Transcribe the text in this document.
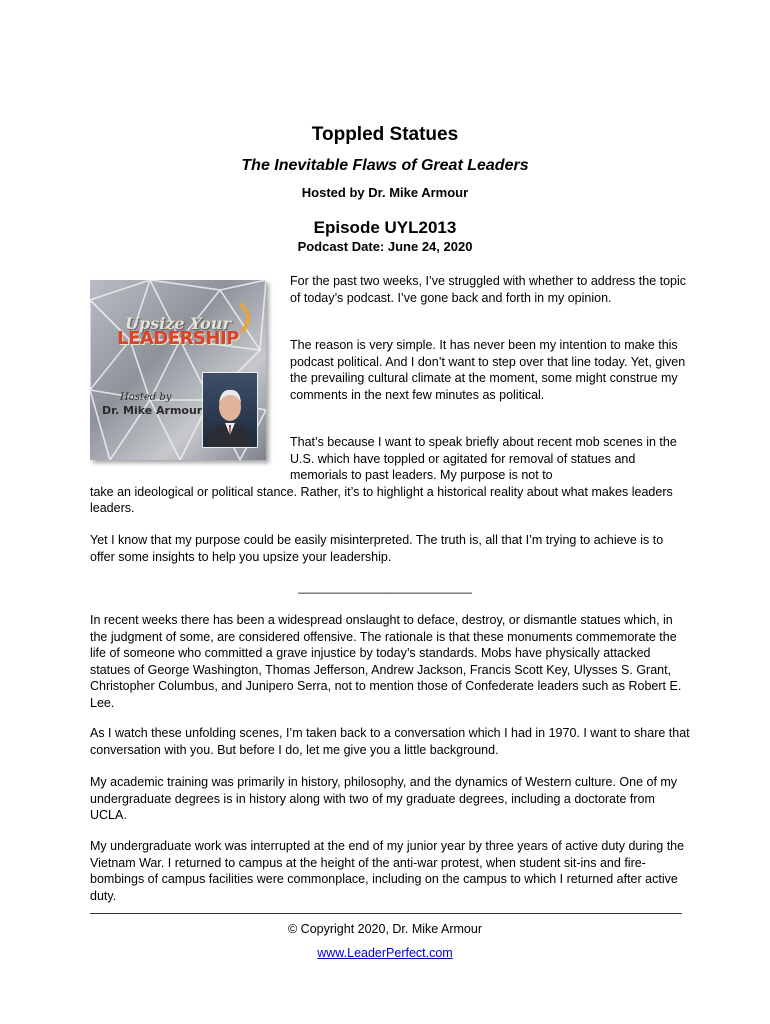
Toppled Statues
The Inevitable Flaws of Great Leaders
Hosted by Dr. Mike Armour
Episode UYL2013
Podcast Date: June 24, 2020
Upsize Your
LEADERSHIP
Hosted by
Dr. Mike Armour
For the past two weeks, I’ve struggled with whether to address the topic of today’s podcast. I’ve gone back and forth in my opinion.
The reason is very simple. It has never been my intention to make this podcast political. And I don’t want to step over that line today. Yet, given the prevailing cultural climate at the moment, some might construe my comments in the next few minutes as political.
That’s because I want to speak briefly about recent mob scenes in the U.S. which have toppled or agitated for removal of statues and memorials to past leaders. My purpose is not to
take an ideological or political stance. Rather, it’s to highlight a historical reality about what makes leaders leaders.
Yet I know that my purpose could be easily misinterpreted. The truth is, all that I’m trying to achieve is to offer some insights to help you upsize your leadership.
__________________________
In recent weeks there has been a widespread onslaught to deface, destroy, or dismantle statues which, in the judgment of some, are considered offensive. The rationale is that these monuments commemorate the life of someone who committed a grave injustice by today’s standards. Mobs have physically attacked statues of George Washington, Thomas Jefferson, Andrew Jackson, Francis Scott Key, Ulysses S. Grant, Christopher Columbus, and Junipero Serra, not to mention those of Confederate leaders such as Robert E. Lee.
As I watch these unfolding scenes, I’m taken back to a conversation which I had in 1970. I want to share that conversation with you. But before I do, let me give you a little background.
My academic training was primarily in history, philosophy, and the dynamics of Western culture. One of my undergraduate degrees is in history along with two of my graduate degrees, including a doctorate from UCLA.
My undergraduate work was interrupted at the end of my junior year by three years of active duty during the Vietnam War. I returned to campus at the height of the anti-war protest, when student sit-ins and fire-bombings of campus facilities were commonplace, including on the campus to which I returned after active duty.
© Copyright 2020, Dr. Mike Armour
www.LeaderPerfect.com
